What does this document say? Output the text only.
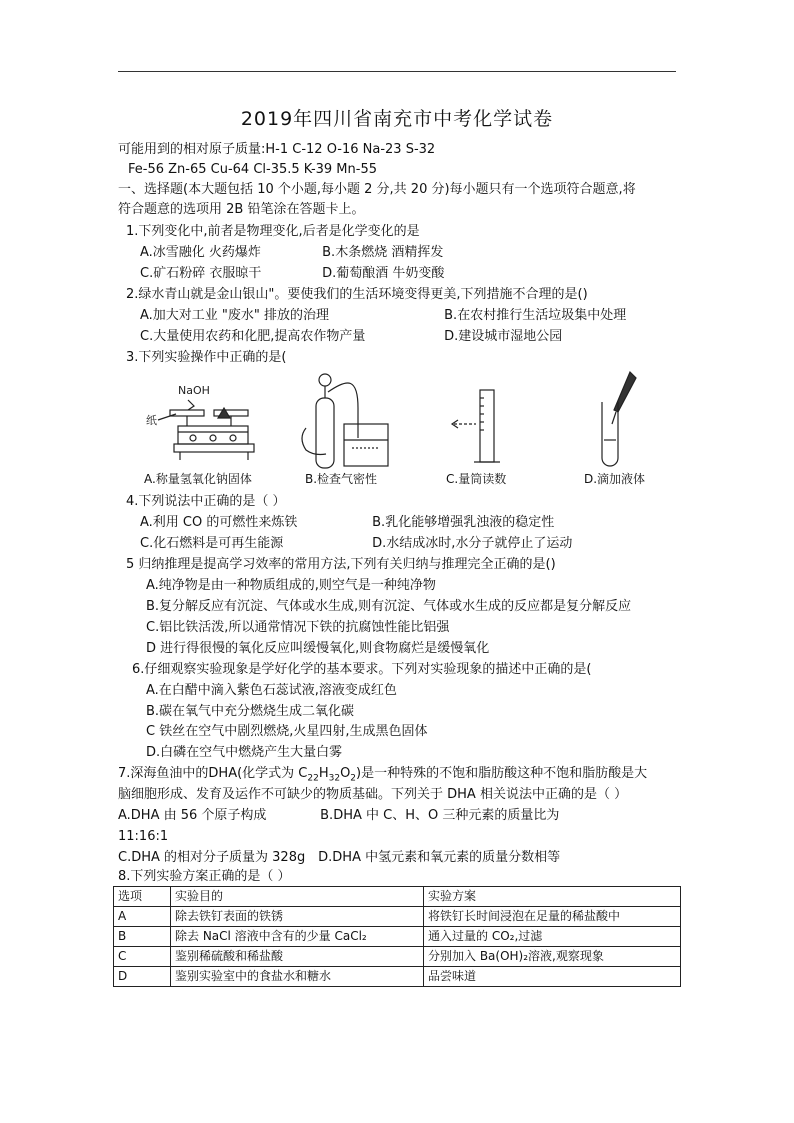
2019年四川省南充市中考化学试卷
可能用到的相对原子质量:H-1 C-12 O-16 Na-23 S-32
Fe-56 Zn-65 Cu-64 Cl-35.5 K-39 Mn-55
一、选择题(本大题包括 10 个小题,每小题 2 分,共 20 分)每小题只有一个选项符合题意,将
符合题意的选项用 2B 铅笔涂在答题卡上。
1.下列变化中,前者是物理变化,后者是化学变化的是
A.冰雪融化 火药爆炸	B.木条燃烧 酒精挥发
C.矿石粉碎 衣服晾干	D.葡萄酿酒 牛奶变酸
2.绿水青山就是金山银山"。要使我们的生活环境变得更美,下列措施不合理的是()
A.加大对工业 "废水" 排放的治理	B.在农村推行生活垃圾集中处理
C.大量使用农药和化肥,提高农作物产量	D.建设城市湿地公园
3.下列实验操作中正确的是(
NaOH
纸
A.称量氢氧化钠固体	B.检查气密性	C.量筒读数	D.滴加液体
4.下列说法中正确的是（ ）
A.利用 CO 的可燃性来炼铁	B.乳化能够增强乳浊液的稳定性
C.化石燃料是可再生能源	D.水结成冰时,水分子就停止了运动
5 归纳推理是提高学习效率的常用方法,下列有关归纳与推理完全正确的是()
A.纯净物是由一种物质组成的,则空气是一种纯净物
B.复分解反应有沉淀、气体或水生成,则有沉淀、气体或水生成的反应都是复分解反应
C.铝比铁活泼,所以通常情况下铁的抗腐蚀性能比铝强
D 进行得很慢的氧化反应叫缓慢氧化,则食物腐烂是缓慢氧化
6.仔细观察实验现象是学好化学的基本要求。下列对实验现象的描述中正确的是(
A.在白醋中滴入紫色石蕊试液,溶液变成红色
B.碳在氧气中充分燃烧生成二氧化碳
C 铁丝在空气中剧烈燃烧,火星四射,生成黑色固体
D.白磷在空气中燃烧产生大量白雾
7.深海鱼油中的DHA(化学式为 $C_{22}H_{32}O_2$)是一种特殊的不饱和脂肪酸这种不饱和脂肪酸是大
脑细胞形成、发育及运作不可缺少的物质基础。下列关于 DHA 相关说法中正确的是（ ）
A.DHA 由 56 个原子构成	B.DHA 中 C、H、O 三种元素的质量比为
11:16:1
C.DHA 的相对分子质量为 328g D.DHA 中氢元素和氧元素的质量分数相等
8.下列实验方案正确的是（ ）
选项	实验目的	实验方案
A	除去铁钉表面的铁锈	将铁钉长时间浸泡在足量的稀盐酸中
B	除去 NaCl 溶液中含有的少量 CaCl₂	通入过量的 CO₂,过滤
C	鉴别稀硫酸和稀盐酸	分别加入 Ba(OH)₂溶液,观察现象
D	鉴别实验室中的食盐水和糖水	品尝味道
